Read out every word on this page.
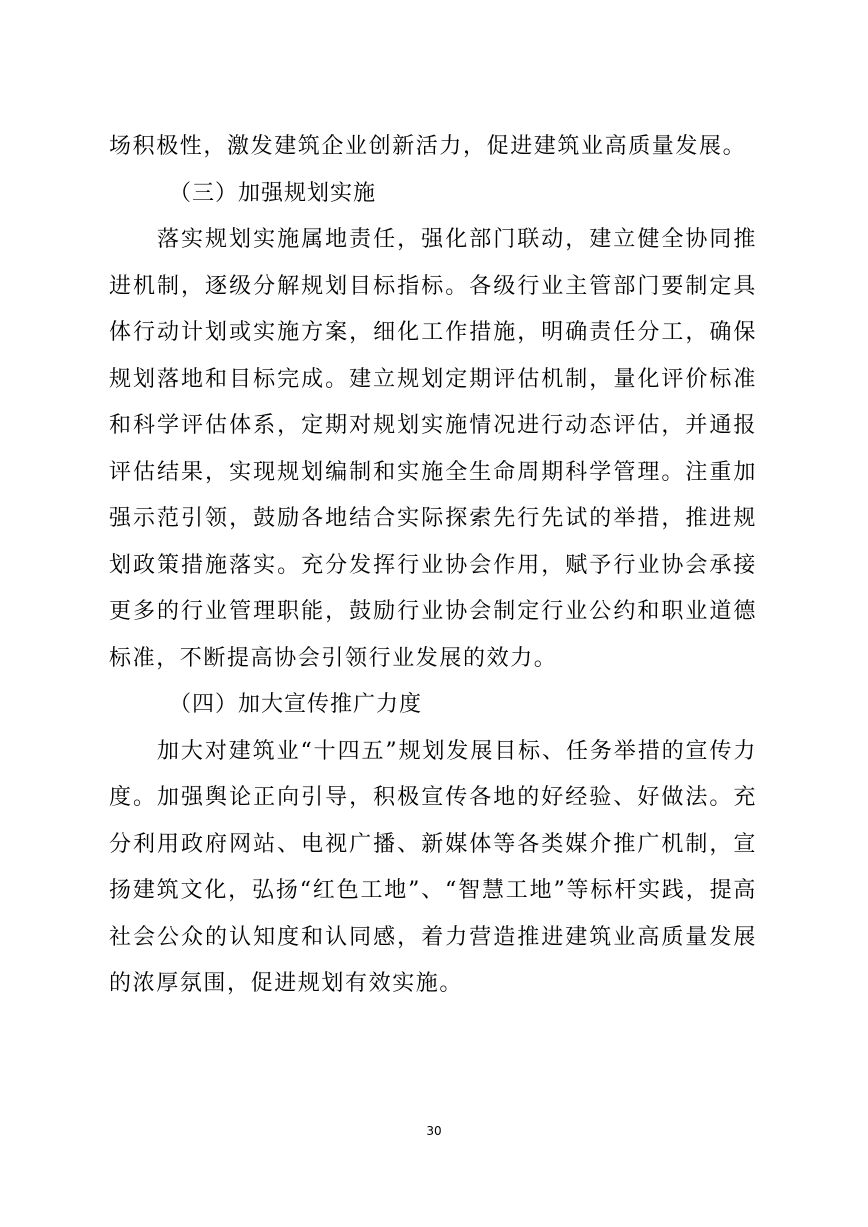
场积极性，激发建筑企业创新活力，促进建筑业高质量发展。

（三）加强规划实施

落实规划实施属地责任，强化部门联动，建立健全协同推进机制，逐级分解规划目标指标。各级行业主管部门要制定具体行动计划或实施方案，细化工作措施，明确责任分工，确保规划落地和目标完成。建立规划定期评估机制，量化评价标准和科学评估体系，定期对规划实施情况进行动态评估，并通报评估结果，实现规划编制和实施全生命周期科学管理。注重加强示范引领，鼓励各地结合实际探索先行先试的举措，推进规划政策措施落实。充分发挥行业协会作用，赋予行业协会承接更多的行业管理职能，鼓励行业协会制定行业公约和职业道德标准，不断提高协会引领行业发展的效力。

（四）加大宣传推广力度

加大对建筑业“十四五”规划发展目标、任务举措的宣传力度。加强舆论正向引导，积极宣传各地的好经验、好做法。充分利用政府网站、电视广播、新媒体等各类媒介推广机制，宣扬建筑文化，弘扬“红色工地”、“智慧工地”等标杆实践，提高社会公众的认知度和认同感，着力营造推进建筑业高质量发展的浓厚氛围，促进规划有效实施。

30
